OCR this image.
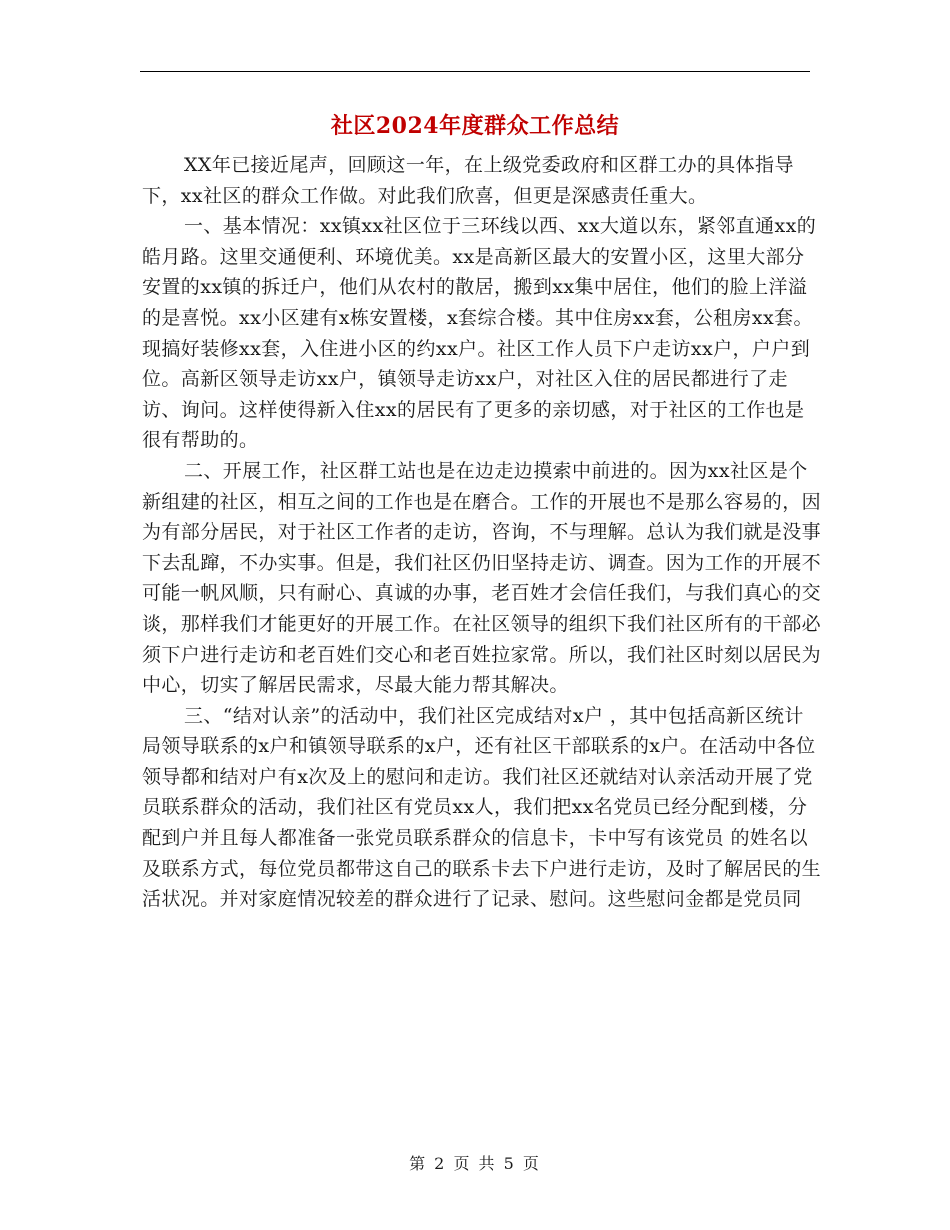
社区2024年度群众工作总结

XX年已接近尾声，回顾这一年，在上级党委政府和区群工办的具体指导下，xx社区的群众工作做。对此我们欣喜，但更是深感责任重大。

一、基本情况：xx镇xx社区位于三环线以西、xx大道以东，紧邻直通xx的皓月路。这里交通便利、环境优美。xx是高新区最大的安置小区，这里大部分安置的xx镇的拆迁户，他们从农村的散居，搬到xx集中居住，他们的脸上洋溢的是喜悦。xx小区建有x栋安置楼，x套综合楼。其中住房xx套，公租房xx套。现搞好装修xx套，入住进小区的约xx户。社区工作人员下户走访xx户，户户到位。高新区领导走访xx户，镇领导走访xx户，对社区入住的居民都进行了走访、询问。这样使得新入住xx的居民有了更多的亲切感，对于社区的工作也是很有帮助的。

二、开展工作，社区群工站也是在边走边摸索中前进的。因为xx社区是个新组建的社区，相互之间的工作也是在磨合。工作的开展也不是那么容易的，因为有部分居民，对于社区工作者的走访，咨询，不与理解。总认为我们就是没事下去乱蹿，不办实事。但是，我们社区仍旧坚持走访、调查。因为工作的开展不可能一帆风顺，只有耐心、真诚的办事，老百姓才会信任我们，与我们真心的交谈，那样我们才能更好的开展工作。在社区领导的组织下我们社区所有的干部必须下户进行走访和老百姓们交心和老百姓拉家常。所以，我们社区时刻以居民为中心，切实了解居民需求，尽最大能力帮其解决。

三、“结对认亲”的活动中，我们社区完成结对x户 ，其中包括高新区统计局领导联系的x户和镇领导联系的x户，还有社区干部联系的x户。在活动中各位领导都和结对户有x次及上的慰问和走访。我们社区还就结对认亲活动开展了党员联系群众的活动，我们社区有党员xx人，我们把xx名党员已经分配到楼，分配到户并且每人都准备一张党员联系群众的信息卡，卡中写有该党员 的姓名以及联系方式，每位党员都带这自己的联系卡去下户进行走访，及时了解居民的生活状况。并对家庭情况较差的群众进行了记录、慰问。这些慰问金都是党员同

第 2 页 共 5 页
